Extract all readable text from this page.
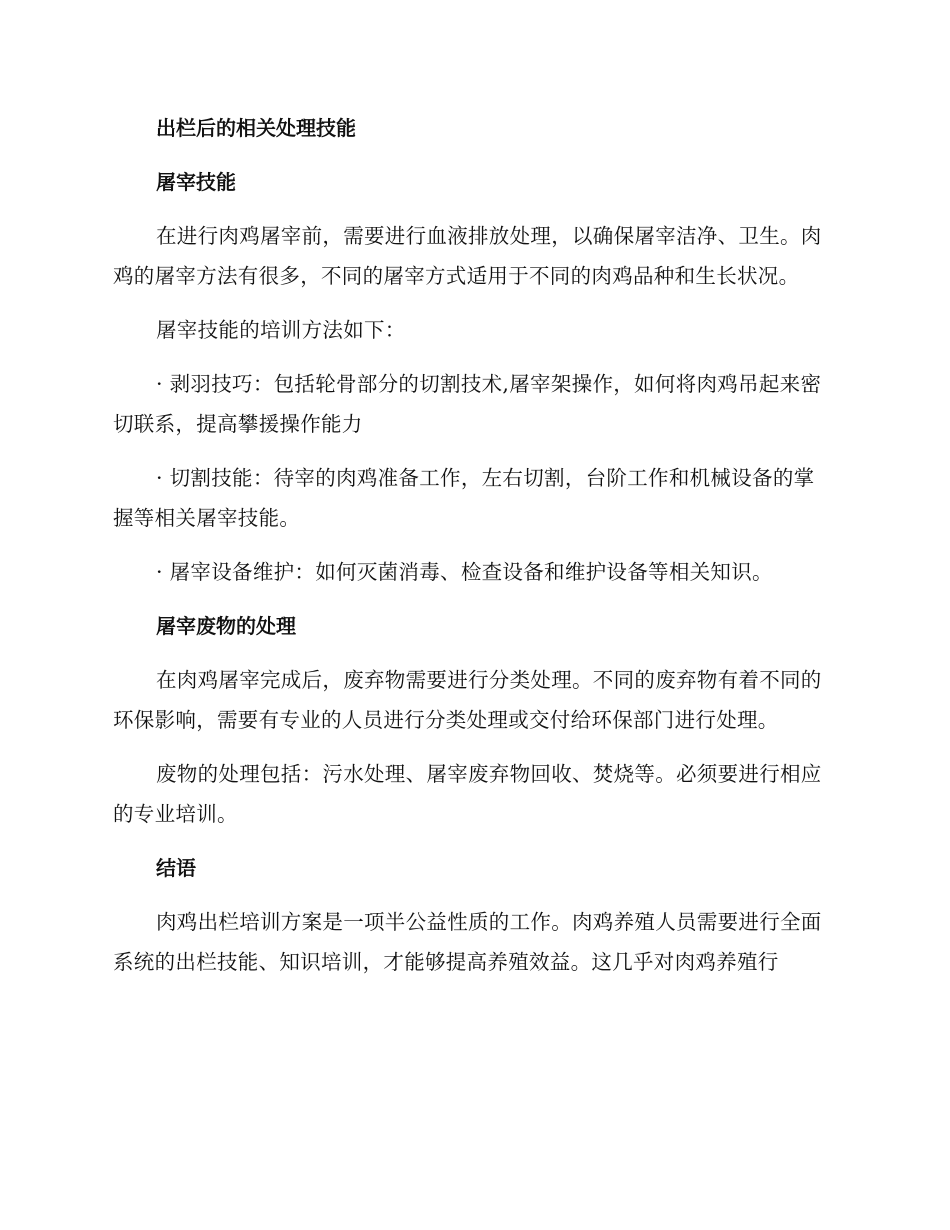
出栏后的相关处理技能
屠宰技能

在进行肉鸡屠宰前，需要进行血液排放处理，以确保屠宰洁净、卫生。肉鸡的屠宰方法有很多，不同的屠宰方式适用于不同的肉鸡品种和生长状况。

屠宰技能的培训方法如下：

· 剥羽技巧：包括轮骨部分的切割技术,屠宰架操作，如何将肉鸡吊起来密切联系，提高攀援操作能力

· 切割技能：待宰的肉鸡准备工作，左右切割，台阶工作和机械设备的掌握等相关屠宰技能。

· 屠宰设备维护：如何灭菌消毒、检查设备和维护设备等相关知识。

屠宰废物的处理

在肉鸡屠宰完成后，废弃物需要进行分类处理。不同的废弃物有着不同的环保影响，需要有专业的人员进行分类处理或交付给环保部门进行处理。

废物的处理包括：污水处理、屠宰废弃物回收、焚烧等。必须要进行相应的专业培训。

结语

肉鸡出栏培训方案是一项半公益性质的工作。肉鸡养殖人员需要进行全面系统的出栏技能、知识培训，才能够提高养殖效益。这几乎对肉鸡养殖行
